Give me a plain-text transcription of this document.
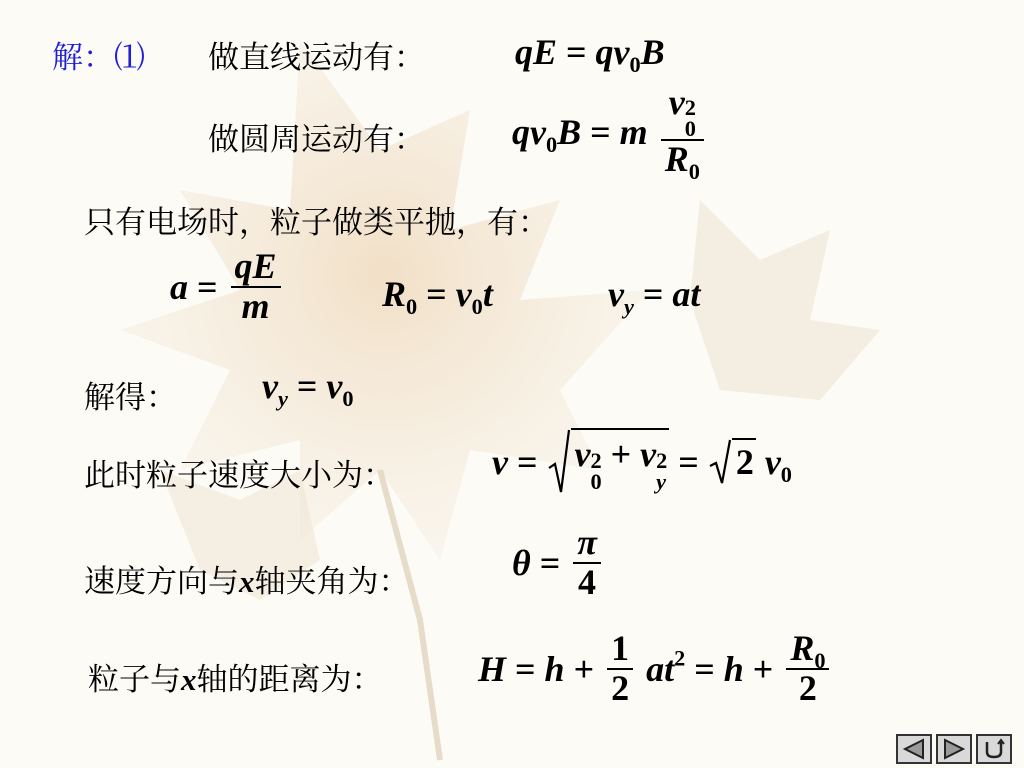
解：⑴ 做直线运动有：	qE = $qv_0B$
做圆周运动有： $qv_0B = m$ v 2
0
$R_0$
只有电场时，粒子做类平抛，有：
$a = \frac{qE}{m}$	$R_0 = v_0t$	$v_y$ = at
解得： $v_y = v_0$
此时粒子速度大小为：	v = v 2
0
+ v 2
y = 2 $v_0$
速度方向与x轴夹角为：	$\theta = \frac{\pi}{4}$
粒子与x轴的距离为：	$H = h + \frac{1}{2} at^2 = h + \frac{R_0}{2}$
